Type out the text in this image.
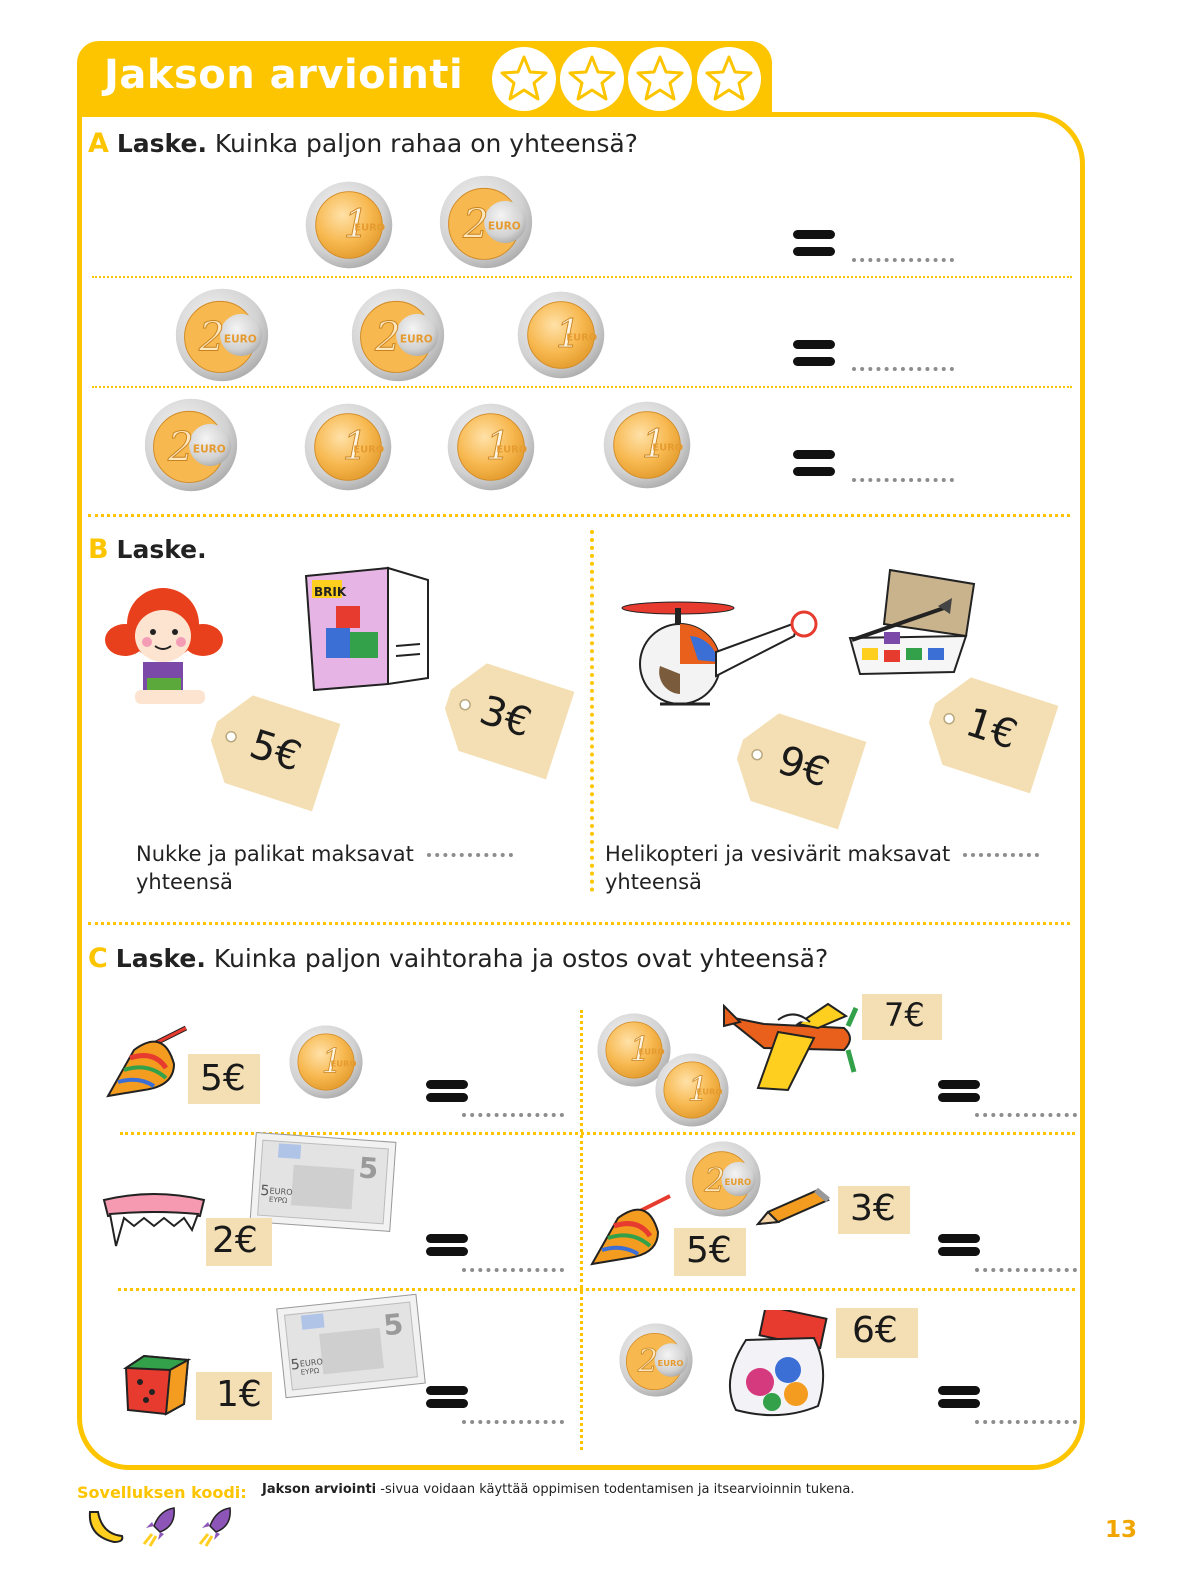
Jakson arviointi
A Laske. Kuinka paljon rahaa on yhteensä?
B Laske.
5€
BRIK
3€
Nukke ja palikat maksavat
yhteensä
9€
1€
Helikopteri ja vesivärit maksavat
yhteensä
C Laske. Kuinka paljon vaihtoraha ja ostos ovat yhteensä?
5€
7€
2€	5€
3€
1€
6€
Sovelluksen koodi: Jakson arviointi -sivua voidaan käyttää oppimisen todentamisen ja itsearvioinnin tukena.
13
